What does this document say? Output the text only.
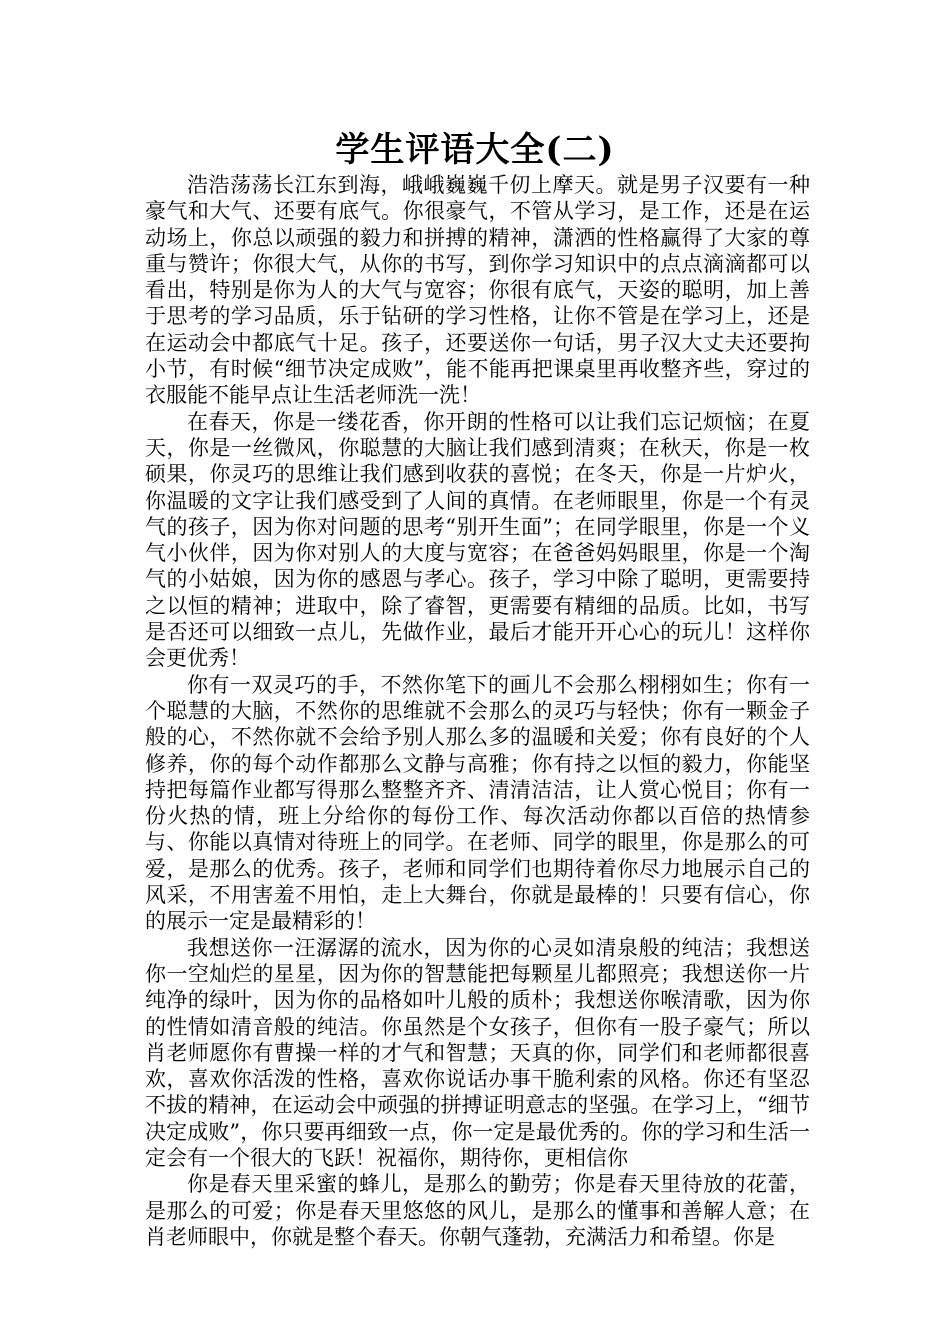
学生评语大全(二)

浩浩荡荡长江东到海，峨峨巍巍千仞上摩天。就是男子汉要有一种豪气和大气、还要有底气。你很豪气，不管从学习，是工作，还是在运动场上，你总以顽强的毅力和拼搏的精神，潇洒的性格赢得了大家的尊重与赞许；你很大气，从你的书写，到你学习知识中的点点滴滴都可以看出，特别是你为人的大气与宽容；你很有底气，天姿的聪明，加上善于思考的学习品质，乐于钻研的学习性格，让你不管是在学习上，还是在运动会中都底气十足。孩子，还要送你一句话，男子汉大丈夫还要拘小节，有时候“细节决定成败”，能不能再把课桌里再收整齐些，穿过的衣服能不能早点让生活老师洗一洗！

在春天，你是一缕花香，你开朗的性格可以让我们忘记烦恼；在夏天，你是一丝微风，你聪慧的大脑让我们感到清爽；在秋天，你是一枚硕果，你灵巧的思维让我们感到收获的喜悦；在冬天，你是一片炉火，你温暖的文字让我们感受到了人间的真情。在老师眼里，你是一个有灵气的孩子，因为你对问题的思考“别开生面”；在同学眼里，你是一个义气小伙伴，因为你对别人的大度与宽容；在爸爸妈妈眼里，你是一个淘气的小姑娘，因为你的感恩与孝心。孩子，学习中除了聪明，更需要持之以恒的精神；进取中，除了睿智，更需要有精细的品质。比如，书写是否还可以细致一点儿，先做作业，最后才能开开心心的玩儿！这样你会更优秀！

你有一双灵巧的手，不然你笔下的画儿不会那么栩栩如生；你有一个聪慧的大脑，不然你的思维就不会那么的灵巧与轻快；你有一颗金子般的心，不然你就不会给予别人那么多的温暖和关爱；你有良好的个人修养，你的每个动作都那么文静与高雅；你有持之以恒的毅力，你能坚持把每篇作业都写得那么整整齐齐、清清洁洁，让人赏心悦目；你有一份火热的情，班上分给你的每份工作、每次活动你都以百倍的热情参与、你能以真情对待班上的同学。在老师、同学的眼里，你是那么的可爱，是那么的优秀。孩子，老师和同学们也期待着你尽力地展示自己的风采，不用害羞不用怕，走上大舞台，你就是最棒的！只要有信心，你的展示一定是最精彩的！

我想送你一汪潺潺的流水，因为你的心灵如清泉般的纯洁；我想送你一空灿烂的星星，因为你的智慧能把每颗星儿都照亮；我想送你一片纯净的绿叶，因为你的品格如叶儿般的质朴；我想送你喉清歌，因为你的性情如清音般的纯洁。你虽然是个女孩子，但你有一股子豪气；所以肖老师愿你有曹操一样的才气和智慧；天真的你，同学们和老师都很喜欢，喜欢你活泼的性格，喜欢你说话办事干脆利索的风格。你还有坚忍不拔的精神，在运动会中顽强的拼搏证明意志的坚强。在学习上，“细节决定成败”，你只要再细致一点，你一定是最优秀的。你的学习和生活一定会有一个很大的飞跃！祝福你，期待你，更相信你

你是春天里采蜜的蜂儿，是那么的勤劳；你是春天里待放的花蕾，是那么的可爱；你是春天里悠悠的风儿，是那么的懂事和善解人意；在肖老师眼中，你就是整个春天。你朝气蓬勃，充满活力和希望。你是
